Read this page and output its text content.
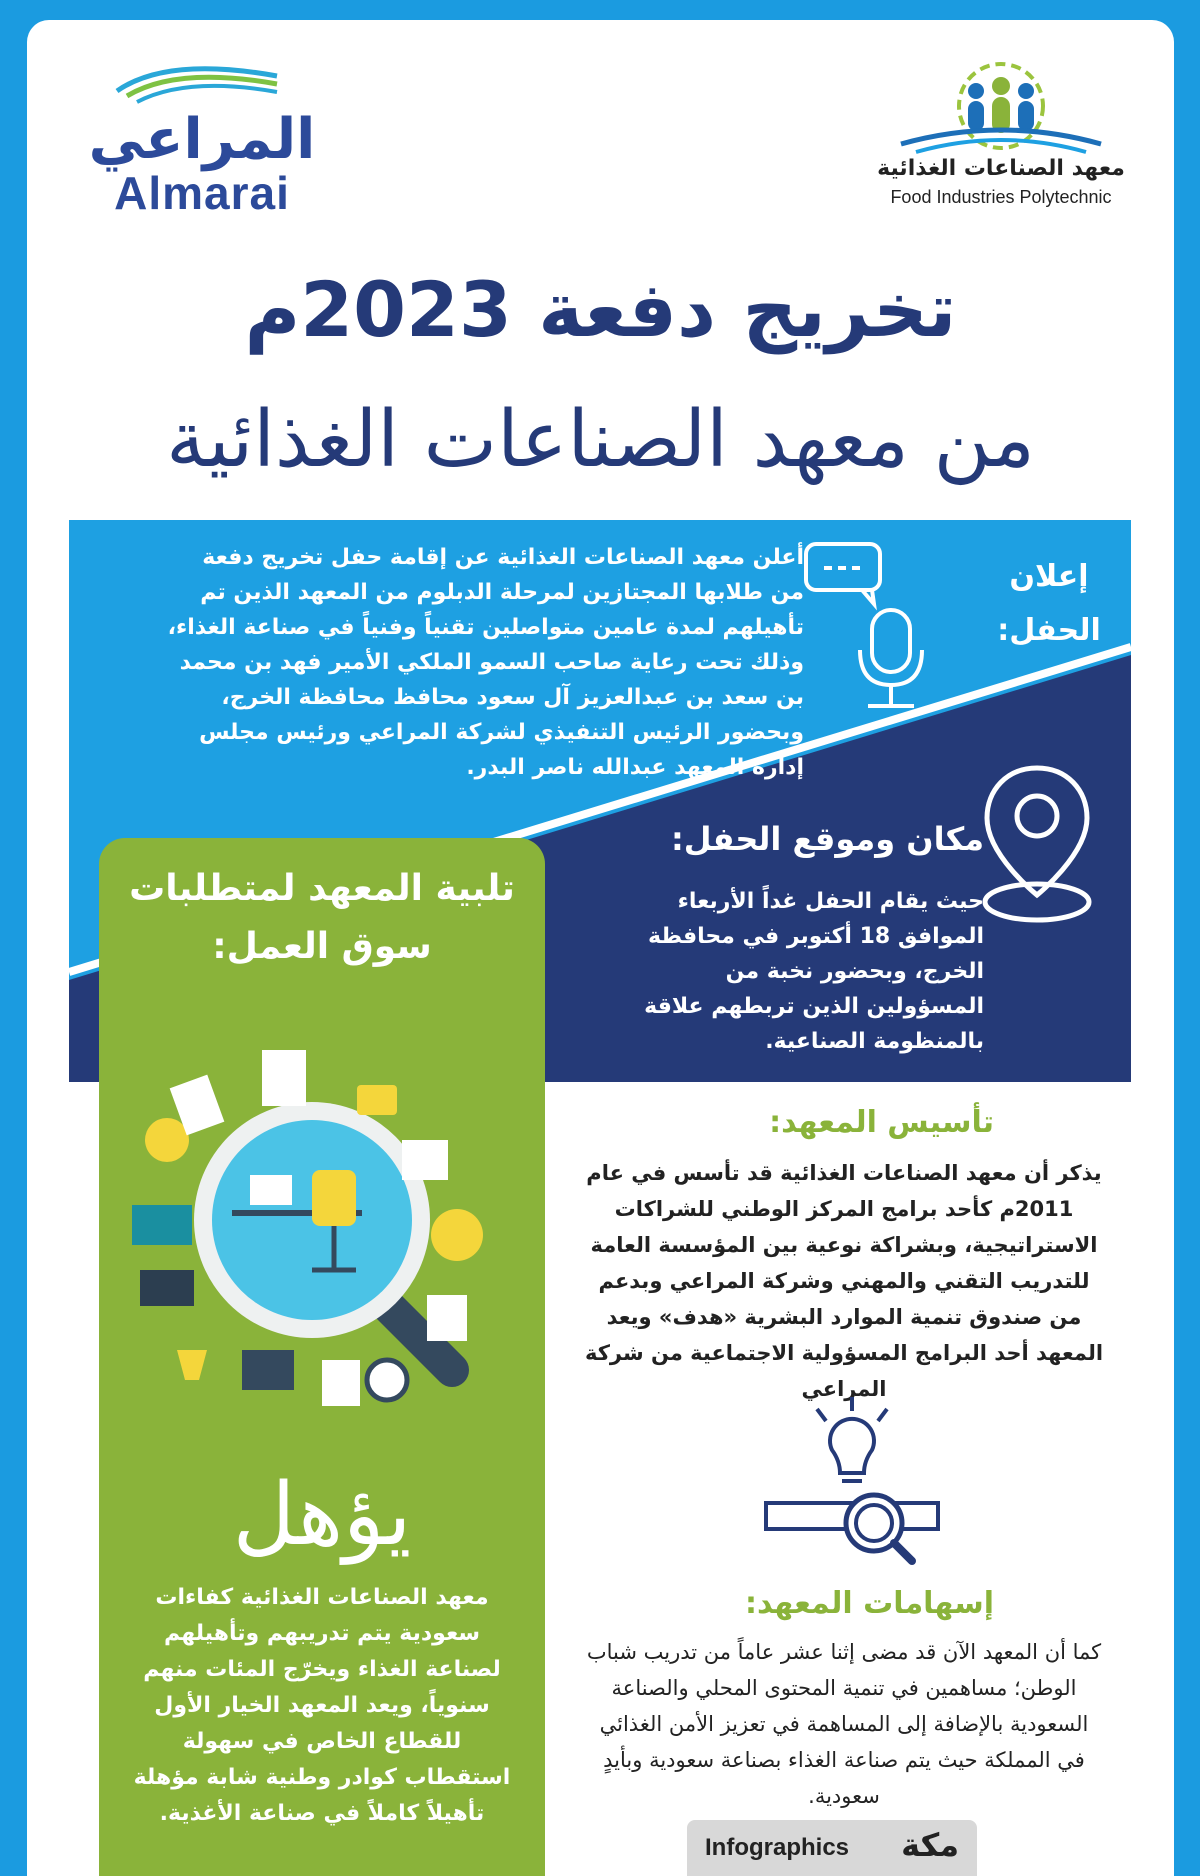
المراعي
Almarai	معهد الصناعات الغذائية
Food Industries Polytechnic
تخريج دفعة 2023م
من معهد الصناعات الغذائية
إعلان الحفل:
أعلن معهد الصناعات الغذائية عن إقامة حفل تخريج دفعة من طلابها المجتازين لمرحلة الدبلوم من المعهد الذين تم تأهيلهم لمدة عامين متواصلين تقنياً وفنياً في صناعة الغذاء، وذلك تحت رعاية صاحب السمو الملكي الأمير فهد بن محمد بن سعد بن عبدالعزيز آل سعود محافظ محافظة الخرج، وبحضور الرئيس التنفيذي لشركة المراعي ورئيس مجلس إدارة المعهد عبدالله ناصر البدر.
مكان وموقع الحفل:
حيث يقام الحفل غداً الأربعاء الموافق 18 أكتوبر في محافظة الخرج، وبحضور نخبة من المسؤولين الذين تربطهم علاقة بالمنظومة الصناعية.
تلبية المعهد لمتطلبات سوق العمل:
يؤهل
معهد الصناعات الغذائية كفاءات سعودية يتم تدريبهم وتأهيلهم لصناعة الغذاء ويخرّج المئات منهم سنوياً، ويعد المعهد الخيار الأول للقطاع الخاص في سهولة استقطاب كوادر وطنية شابة مؤهلة تأهيلاً كاملاً في صناعة الأغذية.
تأسيس المعهد:
يذكر أن معهد الصناعات الغذائية قد تأسس في عام 2011م كأحد برامج المركز الوطني للشراكات الاستراتيجية، وبشراكة نوعية بين المؤسسة العامة للتدريب التقني والمهني وشركة المراعي وبدعم من صندوق تنمية الموارد البشرية «هدف» ويعد المعهد أحد البرامج المسؤولية الاجتماعية من شركة المراعي
إسهامات المعهد:
كما أن المعهد الآن قد مضى إثنا عشر عاماً من تدريب شباب الوطن؛ مساهمين في تنمية المحتوى المحلي والصناعة السعودية بالإضافة إلى المساهمة في تعزيز الأمن الغذائي في المملكة حيث يتم صناعة الغذاء بصناعة سعودية وبأيدٍ سعودية.
مكة
Infographics
